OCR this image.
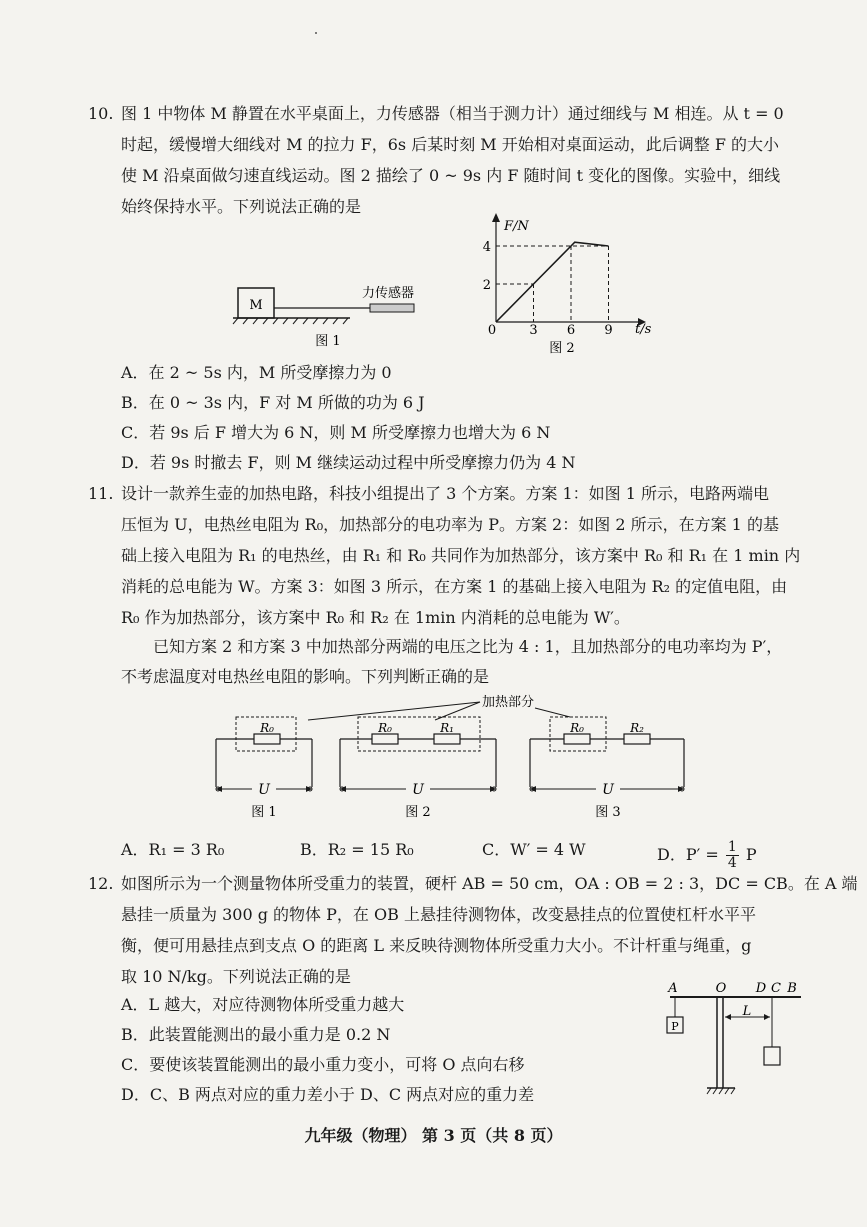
10. 图 1 中物体 M 静置在水平桌面上，力传感器（相当于测力计）通过细线与 M 相连。从 t = 0
时起，缓慢增大细线对 M 的拉力 F，6s 后某时刻 M 开始相对桌面运动，此后调整 F 的大小
使 M 沿桌面做匀速直线运动。图 2 描绘了 0 ~ 9s 内 F 随时间 t 变化的图像。实验中，细线
始终保持水平。下列说法正确的是
M
力传感器
图 1
F/N
t/s
0
4
2
3 6 9
图 2
A．在 2 ~ 5s 内，M 所受摩擦力为 0
B．在 0 ~ 3s 内，F 对 M 所做的功为 6 J
C．若 9s 后 F 增大为 6 N，则 M 所受摩擦力也增大为 6 N
D．若 9s 时撤去 F，则 M 继续运动过程中所受摩擦力仍为 4 N
11. 设计一款养生壶的加热电路，科技小组提出了 3 个方案。方案 1：如图 1 所示，电路两端电
压恒为 U，电热丝电阻为 R₀，加热部分的电功率为 P。方案 2：如图 2 所示，在方案 1 的基
础上接入电阻为 R₁ 的电热丝，由 R₁ 和 R₀ 共同作为加热部分，该方案中 R₀ 和 R₁ 在 1 min 内
消耗的总电能为 W。方案 3：如图 3 所示，在方案 1 的基础上接入电阻为 R₂ 的定值电阻，由
R₀ 作为加热部分，该方案中 R₀ 和 R₂ 在 1min 内消耗的总电能为 W′。
已知方案 2 和方案 3 中加热部分两端的电压之比为 4 : 1，且加热部分的电功率均为 P′，
不考虑温度对电热丝电阻的影响。下列判断正确的是
加热部分
R₀
U
图 1
R₀	R₁
U
图 2
R₀	R₂
U
图 3
A．R₁ = 3 R₀	B．R₂ = 15 R₀	C．W′ = 4 W	D．$P' = \frac{1}{4}$ P
12. 如图所示为一个测量物体所受重力的装置，硬杆 AB = 50 cm，OA : OB = 2 : 3，DC = CB。在 A 端
悬挂一质量为 300 g 的物体 P，在 OB 上悬挂待测物体，改变悬挂点的位置使杠杆水平平
衡，便可用悬挂点到支点 O 的距离 L 来反映待测物体所受重力大小。不计杆重与绳重，g
取 10 N/kg。下列说法正确的是
A．L 越大，对应待测物体所受重力越大
B．此装置能测出的最小重力是 0.2 N
C．要使该装置能测出的最小重力变小，可将 O 点向右移
D．C、B 两点对应的重力差小于 D、C 两点对应的重力差
A	O D C B
P
L
九年级（物理） 第 3 页（共 8 页）
